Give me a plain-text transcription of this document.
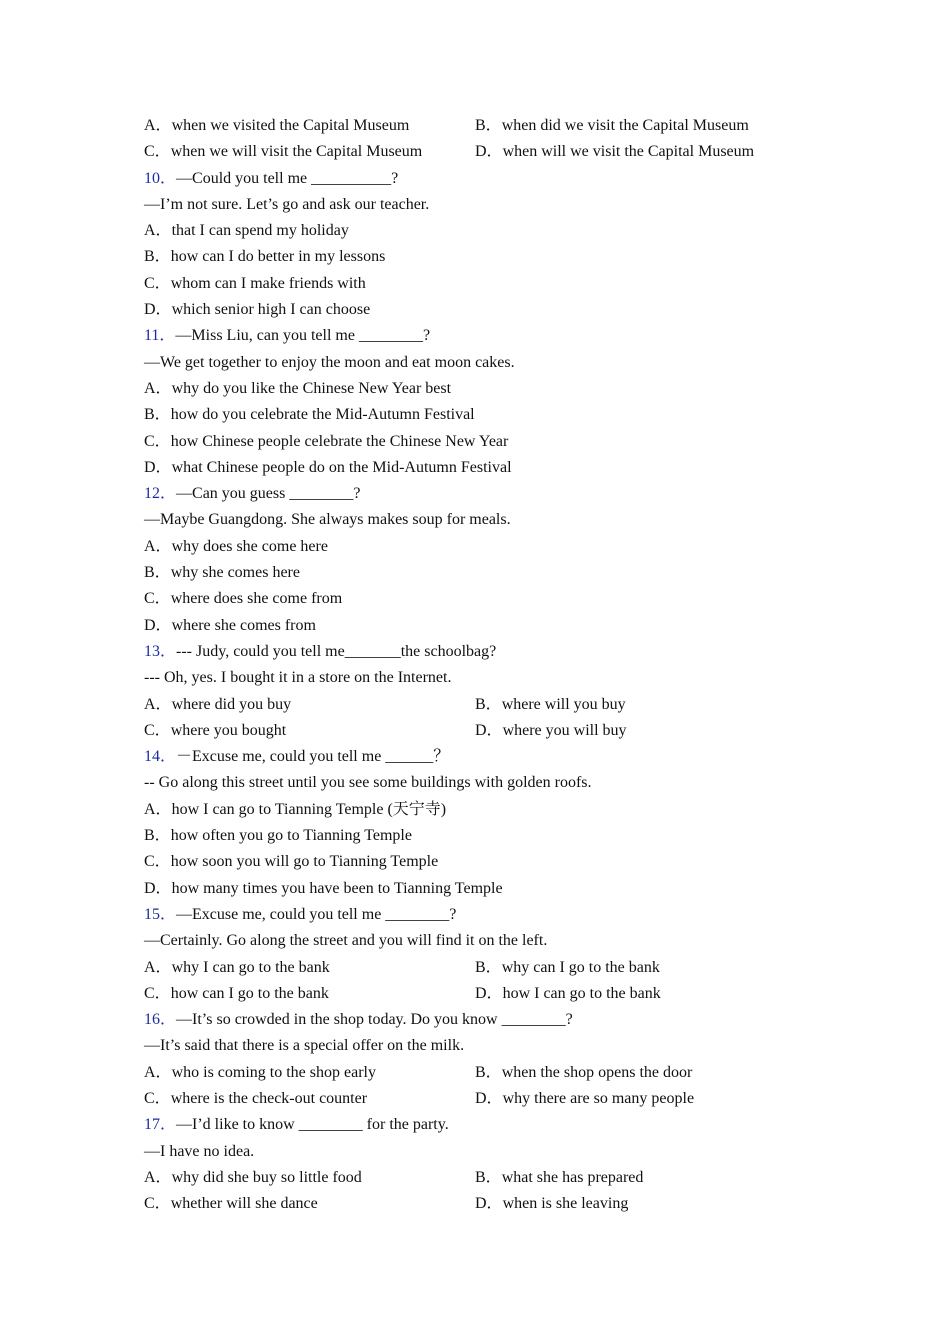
A．when we visited the Capital Museum	B．when did we visit the Capital Museum
C．when we will visit the Capital Museum	D．when will we visit the Capital Museum
10．—Could you tell me __________?
—I’m not sure. Let’s go and ask our teacher.
A．that I can spend my holiday
B．how can I do better in my lessons
C．whom can I make friends with
D．which senior high I can choose
11．—Miss Liu, can you tell me ________?
—We get together to enjoy the moon and eat moon cakes.
A．why do you like the Chinese New Year best
B．how do you celebrate the Mid-Autumn Festival
C．how Chinese people celebrate the Chinese New Year
D．what Chinese people do on the Mid-Autumn Festival
12．—Can you guess ________?
—Maybe Guangdong. She always makes soup for meals.
A．why does she come here
B．why she comes here
C．where does she come from
D．where she comes from
13．--- Judy, could you tell me_______the schoolbag?
--- Oh, yes. I bought it in a store on the Internet.
A．where did you buy	B．where will you buy
C．where you bought	D．where you will buy
14．－Excuse me, could you tell me ______？
-- Go along this street until you see some buildings with golden roofs.
A．how I can go to Tianning Temple (天宁寺)
B．how often you go to Tianning Temple
C．how soon you will go to Tianning Temple
D．how many times you have been to Tianning Temple
15．—Excuse me, could you tell me ________?
—Certainly. Go along the street and you will find it on the left.
A．why I can go to the bank	B．why can I go to the bank
C．how can I go to the bank	D．how I can go to the bank
16．—It’s so crowded in the shop today. Do you know ________?
—It’s said that there is a special offer on the milk.
A．who is coming to the shop early	B．when the shop opens the door
C．where is the check-out counter	D．why there are so many people
17．—I’d like to know ________ for the party.
—I have no idea.
A．why did she buy so little food	B．what she has prepared
C．whether will she dance	D．when is she leaving
